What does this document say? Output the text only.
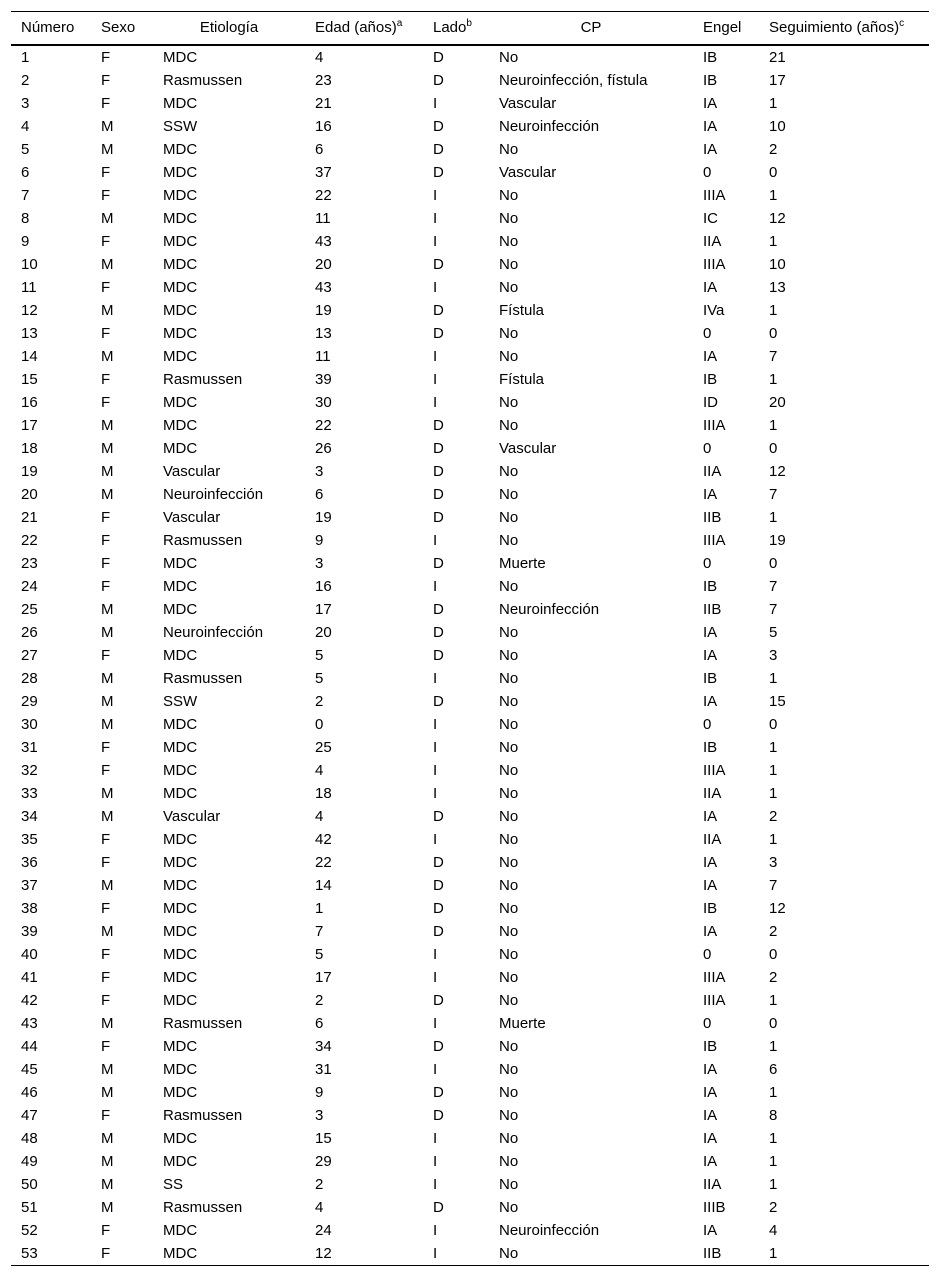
Número	Sexo	Etiología	Edad (años)$^a$	Lado$^b$	CP	Engel	Seguimiento (años)$^c$
1	F	MDC	4	D	No	IB	21
2	F	Rasmussen	23	D	Neuroinfección, fístula	IB	17
3	F	MDC	21	I	Vascular	IA	1
4	M	SSW	16	D	Neuroinfección	IA	10
5	M	MDC	6	D	No	IA	2
6	F	MDC	37	D	Vascular	0	0
7	F	MDC	22	I	No	IIIA	1
8	M	MDC	11	I	No	IC	12
9	F	MDC	43	I	No	IIA	1
10	M	MDC	20	D	No	IIIA	10
11	F	MDC	43	I	No	IA	13
12	M	MDC	19	D	Fístula	IVa	1
13	F	MDC	13	D	No	0	0
14	M	MDC	11	I	No	IA	7
15	F	Rasmussen	39	I	Fístula	IB	1
16	F	MDC	30	I	No	ID	20
17	M	MDC	22	D	No	IIIA	1
18	M	MDC	26	D	Vascular	0	0
19	M	Vascular	3	D	No	IIA	12
20	M	Neuroinfección	6	D	No	IA	7
21	F	Vascular	19	D	No	IIB	1
22	F	Rasmussen	9	I	No	IIIA	19
23	F	MDC	3	D	Muerte	0	0
24	F	MDC	16	I	No	IB	7
25	M	MDC	17	D	Neuroinfección	IIB	7
26	M	Neuroinfección	20	D	No	IA	5
27	F	MDC	5	D	No	IA	3
28	M	Rasmussen	5	I	No	IB	1
29	M	SSW	2	D	No	IA	15
30	M	MDC	0	I	No	0	0
31	F	MDC	25	I	No	IB	1
32	F	MDC	4	I	No	IIIA	1
33	M	MDC	18	I	No	IIA	1
34	M	Vascular	4	D	No	IA	2
35	F	MDC	42	I	No	IIA	1
36	F	MDC	22	D	No	IA	3
37	M	MDC	14	D	No	IA	7
38	F	MDC	1	D	No	IB	12
39	M	MDC	7	D	No	IA	2
40	F	MDC	5	I	No	0	0
41	F	MDC	17	I	No	IIIA	2
42	F	MDC	2	D	No	IIIA	1
43	M	Rasmussen	6	I	Muerte	0	0
44	F	MDC	34	D	No	IB	1
45	M	MDC	31	I	No	IA	6
46	M	MDC	9	D	No	IA	1
47	F	Rasmussen	3	D	No	IA	8
48	M	MDC	15	I	No	IA	1
49	M	MDC	29	I	No	IA	1
50	M	SS	2	I	No	IIA	1
51	M	Rasmussen	4	D	No	IIIB	2
52	F	MDC	24	I	Neuroinfección	IA	4
53	F	MDC	12	I	No	IIB	1
